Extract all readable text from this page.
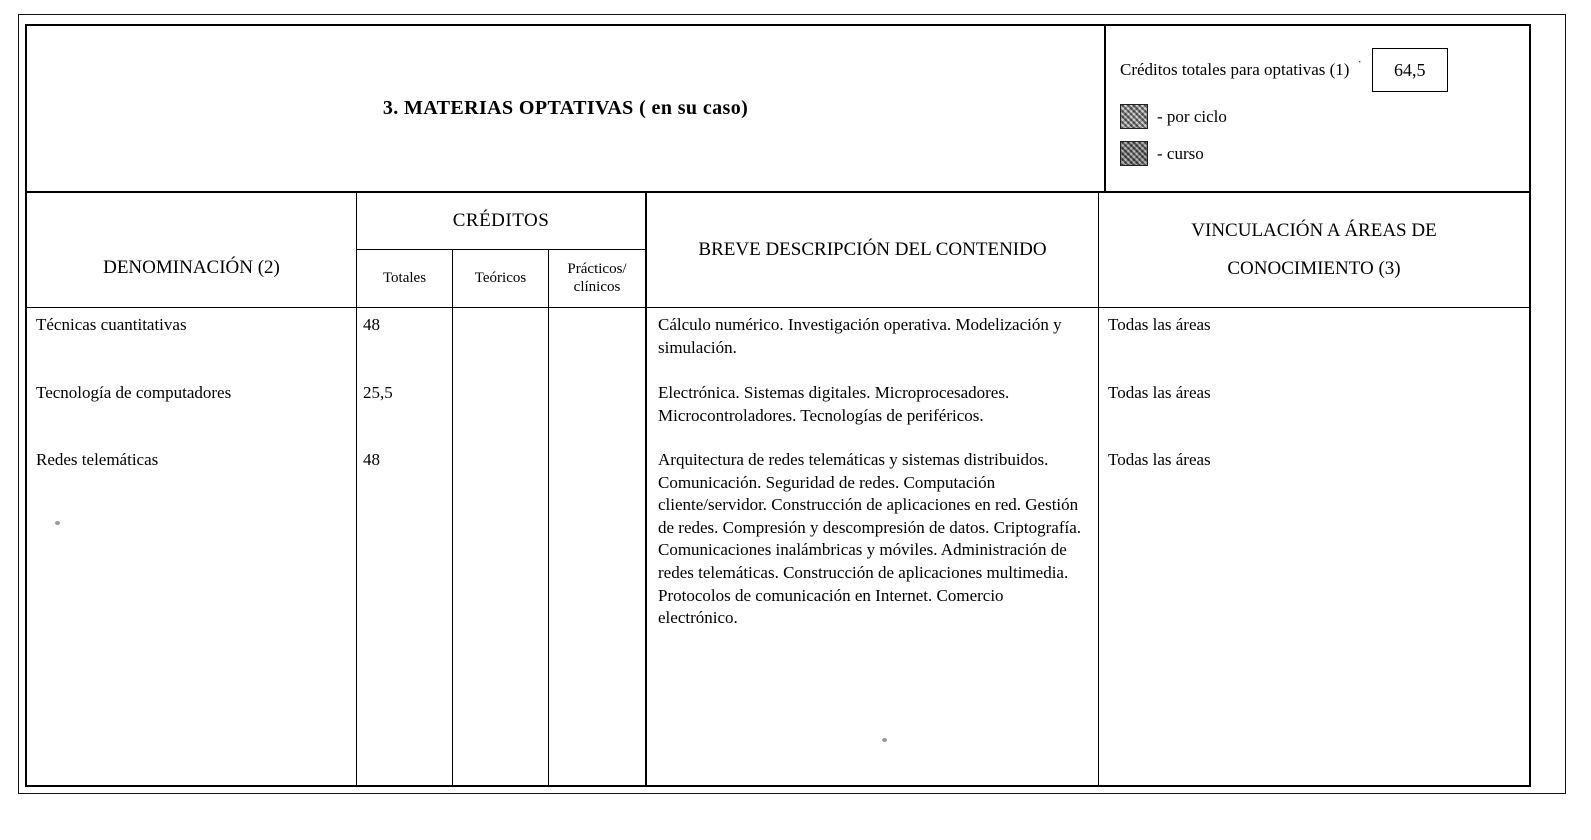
3. MATERIAS OPTATIVAS ( en su caso)
Créditos totales para optativas (1) ·	64,5
- por ciclo
- curso
DENOMINACIÓN (2)
CRÉDITOS
Totales	Teóricos
Prácticos/ clínicos
BREVE DESCRIPCIÓN DEL CONTENIDO
VINCULACIÓN A ÁREAS DE
CONOCIMIENTO (3)
Técnicas cuantitativas
Tecnología de computadores
Redes telemáticas
48
25,5
48
Cálculo numérico. Investigación operativa. Modelización y simulación.
Electrónica. Sistemas digitales. Microprocesadores. Microcontroladores. Tecnologías de periféricos.
Arquitectura de redes telemáticas y sistemas distribuidos. Comunicación. Seguridad de redes. Computación cliente/servidor. Construcción de aplicaciones en red. Gestión de redes. Compresión y descompresión de datos. Criptografía. Comunicaciones inalámbricas y móviles. Administración de redes telemáticas. Construcción de aplicaciones multimedia. Protocolos de comunicación en Internet. Comercio electrónico.
Todas las áreas
Todas las áreas
Todas las áreas
